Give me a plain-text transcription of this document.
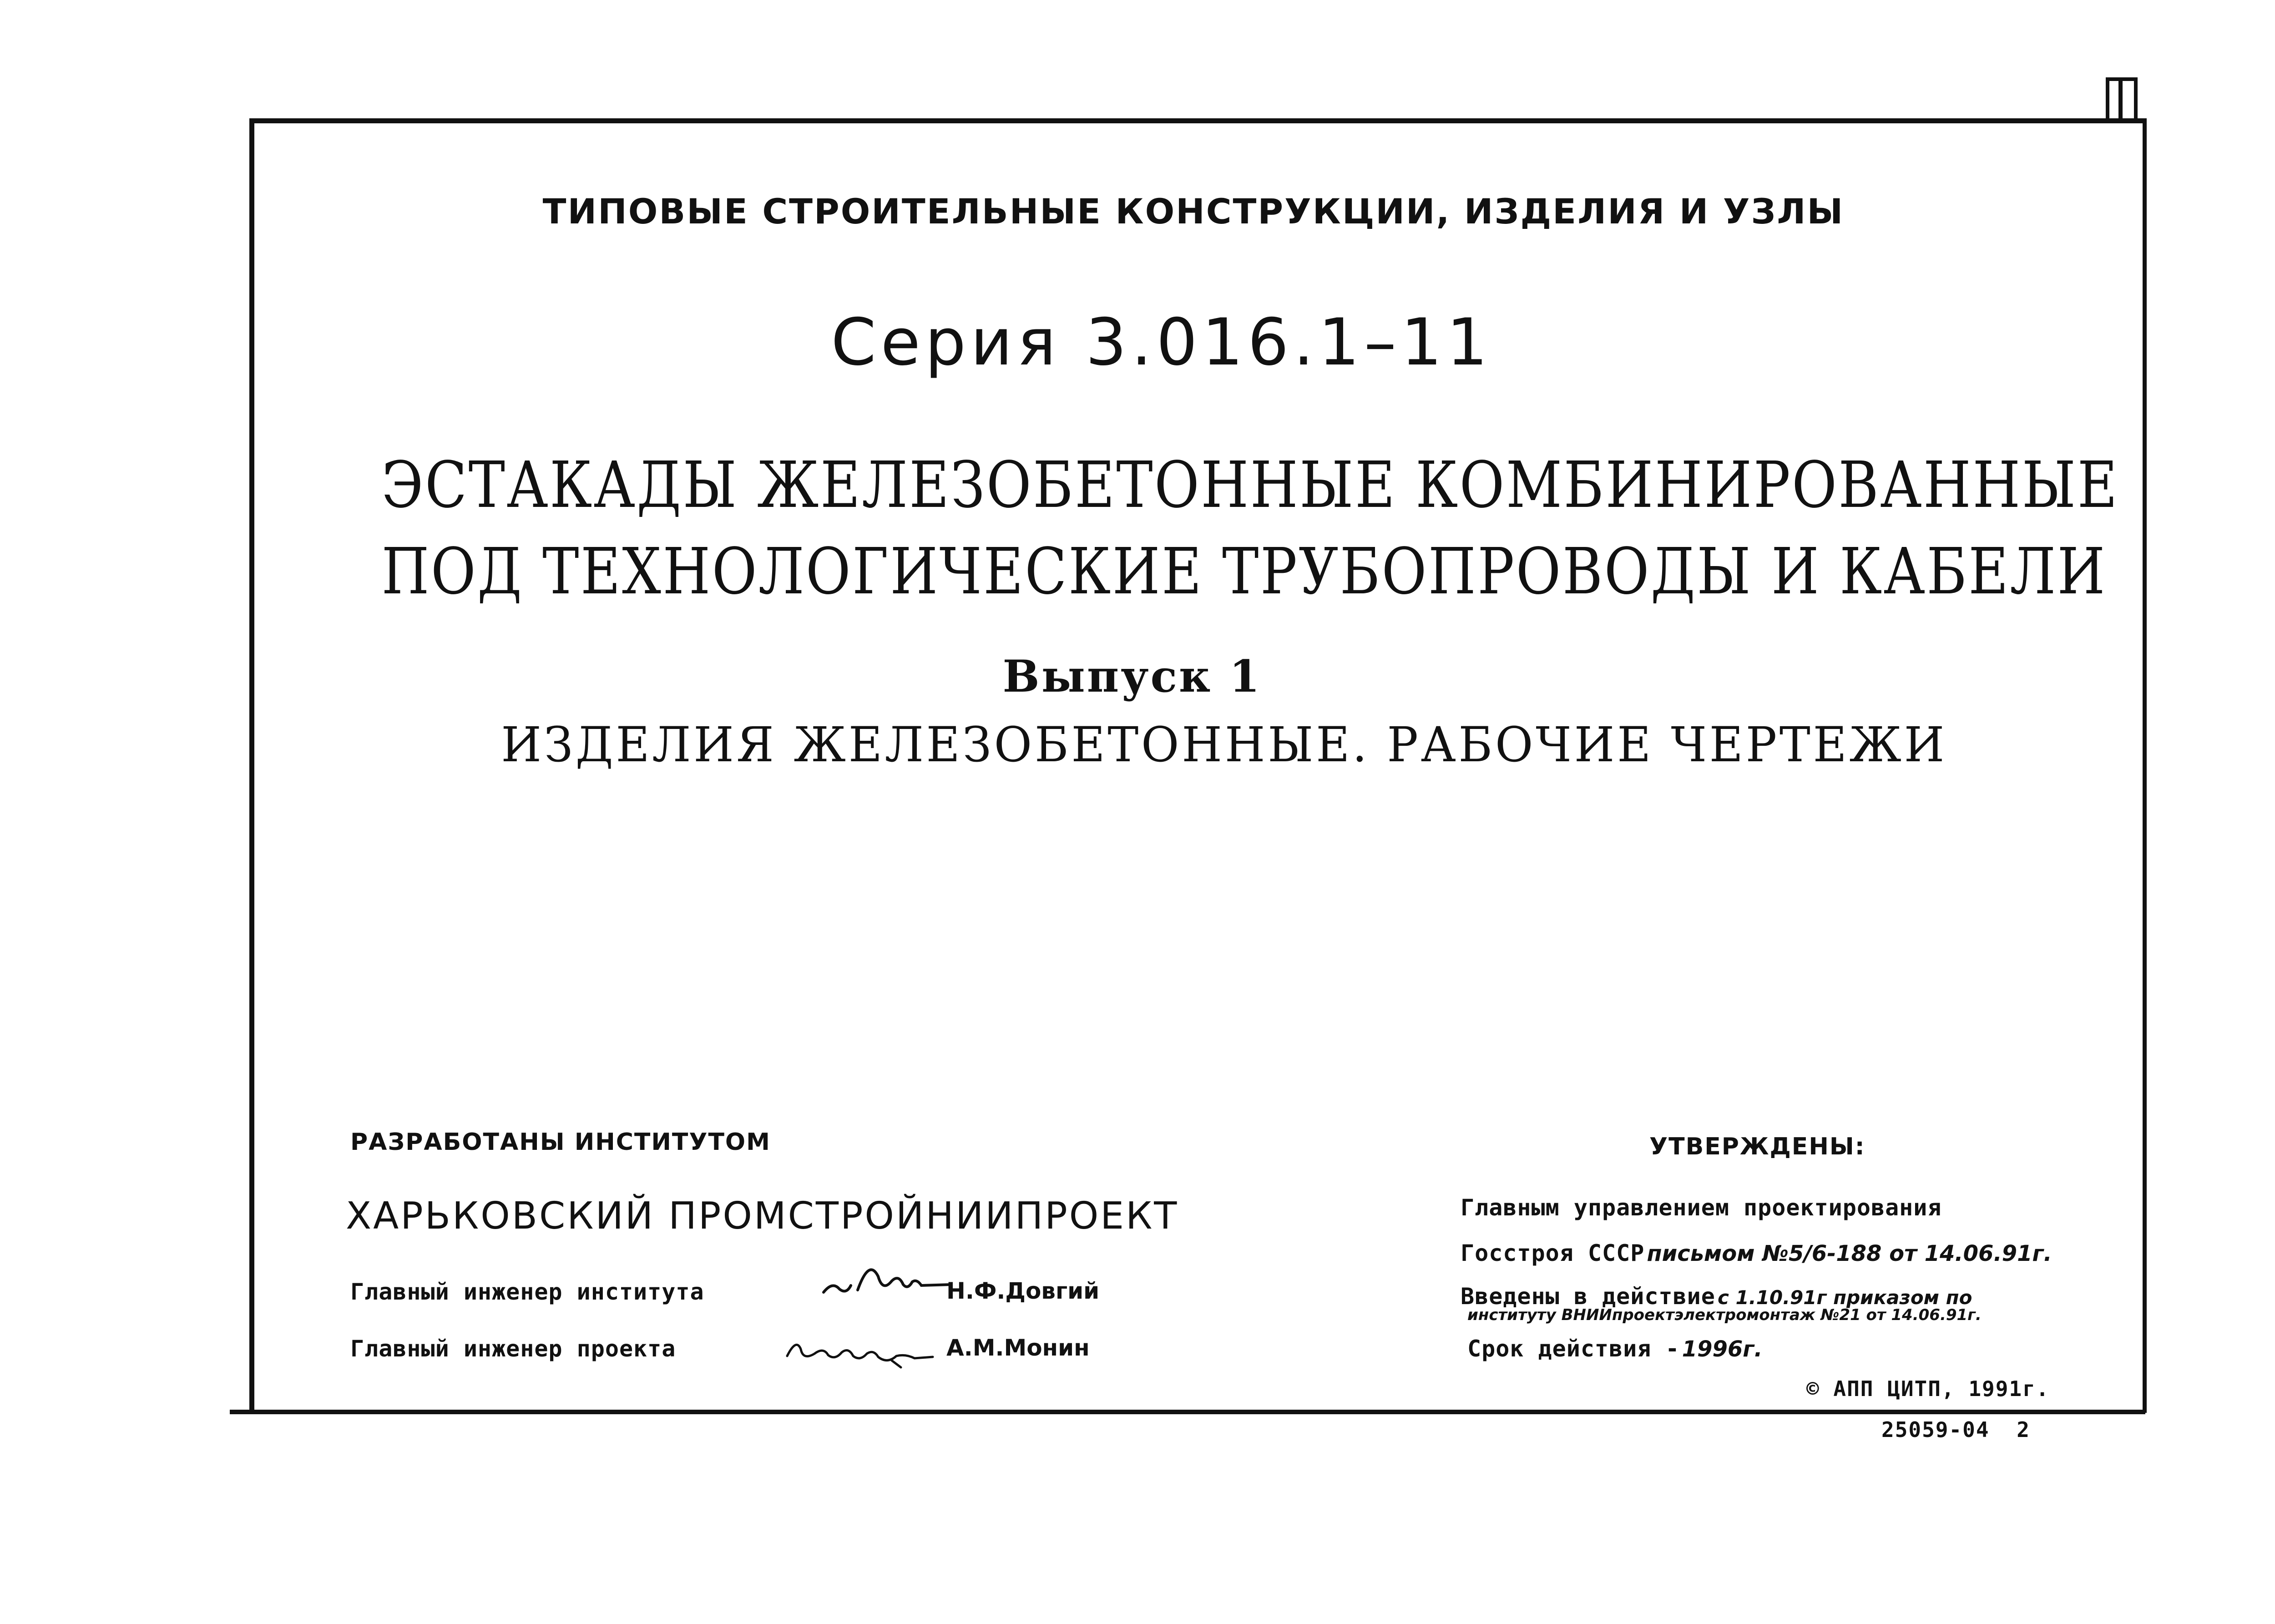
ТИПОВЫЕ СТРОИТЕЛЬНЫЕ КОНСТРУКЦИИ, ИЗДЕЛИЯ И УЗЛЫ
Серия 3.016.1–11
ЭСТАКАДЫ ЖЕЛЕЗОБЕТОННЫЕ КОМБИНИРОВАННЫЕ
ПОД ТЕХНОЛОГИЧЕСКИЕ ТРУБОПРОВОДЫ И КАБЕЛИ
Выпуск 1
ИЗДЕЛИЯ ЖЕЛЕЗОБЕТОННЫЕ. РАБОЧИЕ ЧЕРТЕЖИ
РАЗРАБОТАНЫ ИНСТИТУТОМ
ХАРЬКОВСКИЙ ПРОМСТРОЙНИИПРОЕКТ
Главный инженер института	Н.Ф.Довгий
Главный инженер проекта	А.М.Монин
УТВЕРЖДЕНЫ:
Главным управлением проектирования
Госстроя СССР письмом №5/6-188 от 14.06.91г.
Введены в действие с 1.10.91г приказом по
институту ВНИИпроектэлектромонтаж №21 от 14.06.91г.
Срок действия - 1996г.
© АПП ЦИТП, 1991г.
25059-04 2
